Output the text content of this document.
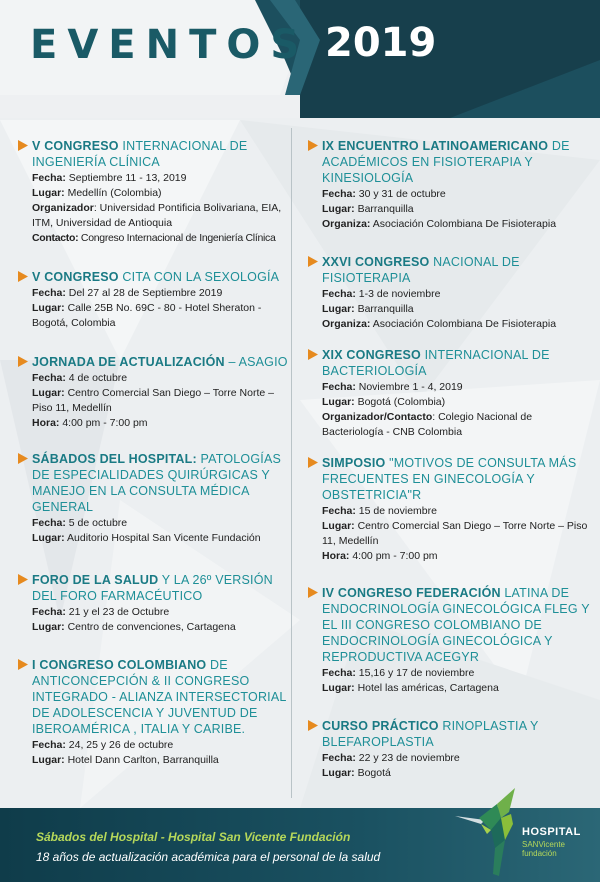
EVENTOS 2019
V CONGRESO INTERNACIONAL DE INGENIERÍA CLÍNICA
Fecha: Septiembre 11 - 13, 2019
Lugar: Medellín (Colombia)
Organizador: Universidad Pontificia Bolivariana, EIA, ITM, Universidad de Antioquia
Contacto: Congreso Internacional de Ingeniería Clínica
V CONGRESO CITA CON LA SEXOLOGÍA
Fecha: Del 27 al 28 de Septiembre 2019
Lugar: Calle 25B No. 69C - 80 - Hotel Sheraton - Bogotá, Colombia
JORNADA DE ACTUALIZACIÓN – ASAGIO
Fecha: 4 de octubre
Lugar: Centro Comercial San Diego – Torre Norte – Piso 11, Medellín
Hora: 4:00 pm - 7:00 pm
SÁBADOS DEL HOSPITAL: PATOLOGÍAS DE ESPECIALIDADES QUIRÚRGICAS Y MANEJO EN LA CONSULTA MÉDICA GENERAL
Fecha: 5 de octubre
Lugar: Auditorio Hospital San Vicente Fundación
FORO DE LA SALUD Y LA 26º VERSIÓN DEL FORO FARMACÉUTICO
Fecha: 21 y el 23 de Octubre
Lugar: Centro de convenciones, Cartagena
I CONGRESO COLOMBIANO DE ANTICONCEPCIÓN & II CONGRESO INTEGRADO - ALIANZA INTERSECTORIAL DE ADOLESCENCIA Y JUVENTUD DE IBEROAMÉRICA , ITALIA Y CARIBE.
Fecha: 24, 25 y 26 de octubre
Lugar: Hotel Dann Carlton, Barranquilla
IX ENCUENTRO LATINOAMERICANO DE ACADÉMICOS EN FISIOTERAPIA Y KINESIOLOGÍA
Fecha: 30 y 31 de octubre
Lugar: Barranquilla
Organiza: Asociación Colombiana De Fisioterapia
XXVI CONGRESO NACIONAL DE FISIOTERAPIA
Fecha: 1-3 de noviembre
Lugar: Barranquilla
Organiza: Asociación Colombiana De Fisioterapia
XIX CONGRESO INTERNACIONAL DE BACTERIOLOGÍA
Fecha: Noviembre 1 - 4, 2019
Lugar: Bogotá (Colombia)
Organizador/Contacto: Colegio Nacional de Bacteriología - CNB Colombia
SIMPOSIO "MOTIVOS DE CONSULTA MÁS FRECUENTES EN GINECOLOGÍA Y OBSTETRICIA"R
Fecha: 15 de noviembre
Lugar: Centro Comercial San Diego – Torre Norte – Piso 11, Medellín
Hora: 4:00 pm - 7:00 pm
IV CONGRESO FEDERACIÓN LATINA DE ENDOCRINOLOGÍA GINECOLÓGICA FLEG Y EL III CONGRESO COLOMBIANO DE ENDOCRINOLOGÍA GINECOLÓGICA Y REPRODUCTIVA ACEGYR
Fecha: 15,16 y 17 de noviembre
Lugar: Hotel las américas, Cartagena
CURSO PRÁCTICO RINOPLASTIA Y BLEFAROPLASTIA
Fecha: 22 y 23 de noviembre
Lugar: Bogotá
Sábados del Hospital - Hospital San Vicente Fundación
18 años de actualización académica para el personal de la salud
HOSPITAL
SANVicente fundación
